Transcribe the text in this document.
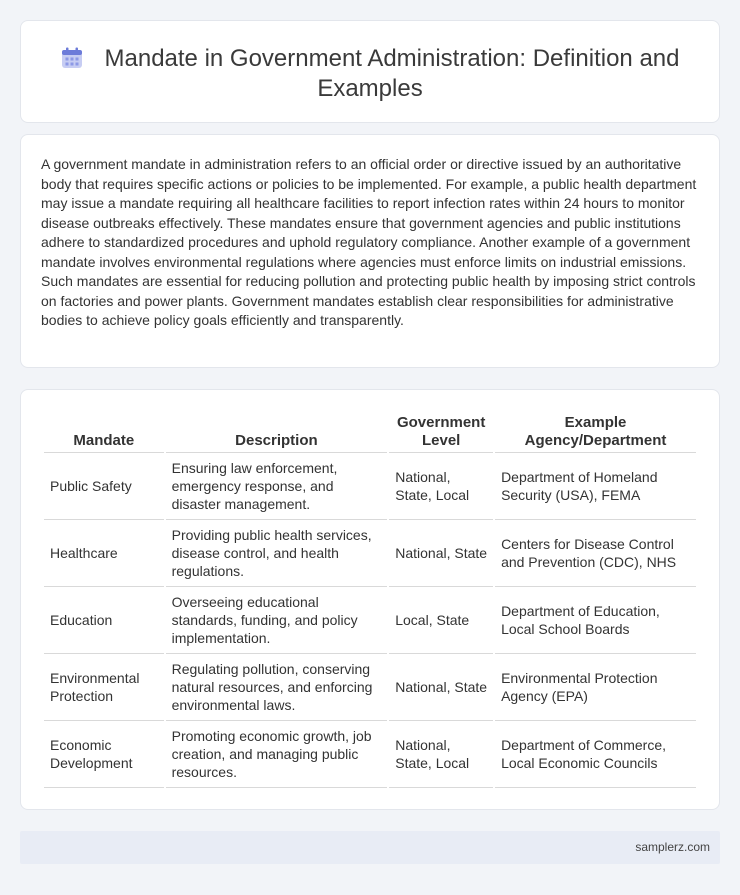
Mandate in Government Administration: Definition and Examples

A government mandate in administration refers to an official order or directive issued by an authoritative body that requires specific actions or policies to be implemented. For example, a public health department may issue a mandate requiring all healthcare facilities to report infection rates within 24 hours to monitor disease outbreaks effectively. These mandates ensure that government agencies and public institutions adhere to standardized procedures and uphold regulatory compliance. Another example of a government mandate involves environmental regulations where agencies must enforce limits on industrial emissions. Such mandates are essential for reducing pollution and protecting public health by imposing strict controls on factories and power plants. Government mandates establish clear responsibilities for administrative bodies to achieve policy goals efficiently and transparently.

Mandate	Description	Government Level	Example Agency/Department
Public Safety	Ensuring law enforcement, emergency response, and disaster management.	National, State, Local	Department of Homeland Security (USA), FEMA
Healthcare	Providing public health services, disease control, and health regulations.	National, State	Centers for Disease Control and Prevention (CDC), NHS
Education	Overseeing educational standards, funding, and policy implementation.	Local, State	Department of Education, Local School Boards
Environmental Protection	Regulating pollution, conserving natural resources, and enforcing environmental laws.	National, State	Environmental Protection Agency (EPA)
Economic Development	Promoting economic growth, job creation, and managing public resources.	National, State, Local	Department of Commerce, Local Economic Councils
samplerz.com
